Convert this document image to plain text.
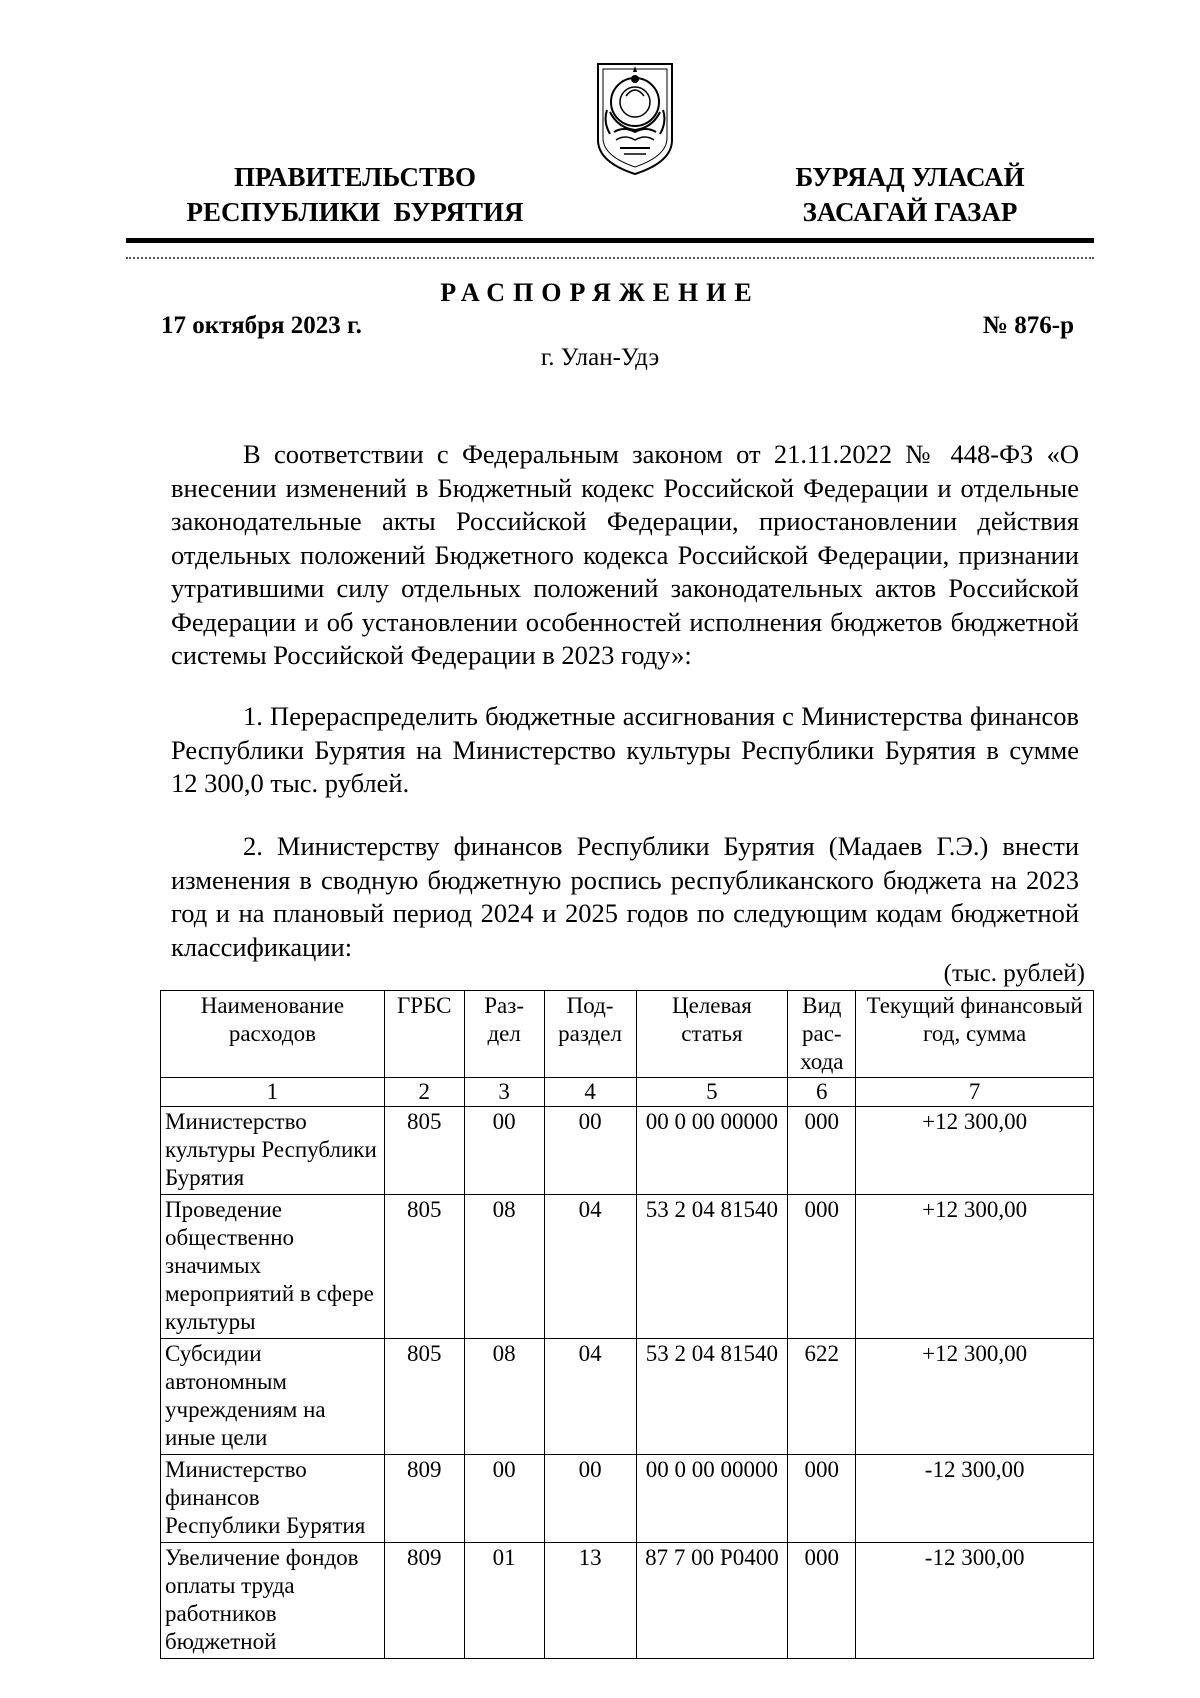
ПРАВИТЕЛЬСТВО
РЕСПУБЛИКИ  БУРЯТИЯ
БУРЯАД УЛАСАЙ
ЗАСАГАЙ ГАЗАР
РАСПОРЯЖЕНИЕ
17 октября 2023 г.	№ 876-р
г. Улан-Удэ

В соответствии с Федеральным законом от 21.11.2022 № 448-ФЗ «О внесении изменений в Бюджетный кодекс Российской Федерации и отдельные законодательные акты Российской Федерации, приостановлении действия отдельных положений Бюджетного кодекса Российской Федерации, признании утратившими силу отдельных положений законодательных актов Российской Федерации и об установлении особенностей исполнения бюджетов бюджетной системы Российской Федерации в 2023 году»:

1. Перераспределить бюджетные ассигнования с Министерства финансов Республики Бурятия на Министерство культуры Республики Бурятия в сумме 12 300,0 тыс. рублей.

2. Министерству финансов Республики Бурятия (Мадаев Г.Э.) внести изменения в сводную бюджетную роспись республиканского бюджета на 2023 год и на плановый период 2024 и 2025 годов по следующим кодам бюджетной классификации:

(тыс. рублей)
Наименование расходов	ГРБС	Раз-дел	Под-раздел	Целевая статья	Вид рас-хода	Текущий финансовый год, сумма
1	2	3	4	5	6	7
Министерство культуры Республики Бурятия	805	00	00	00 0 00 00000	000	+12 300,00
Проведение общественно значимых мероприятий в сфере культуры	805	08	04	53 2 04 81540	000	+12 300,00
Субсидии автономным учреждениям на иные цели	805	08	04	53 2 04 81540	622	+12 300,00
Министерство финансов Республики Бурятия	809	00	00	00 0 00 00000	000	-12 300,00
Увеличение фондов оплаты труда работников бюджетной	809	01	13	87 7 00 Р0400	000	-12 300,00
